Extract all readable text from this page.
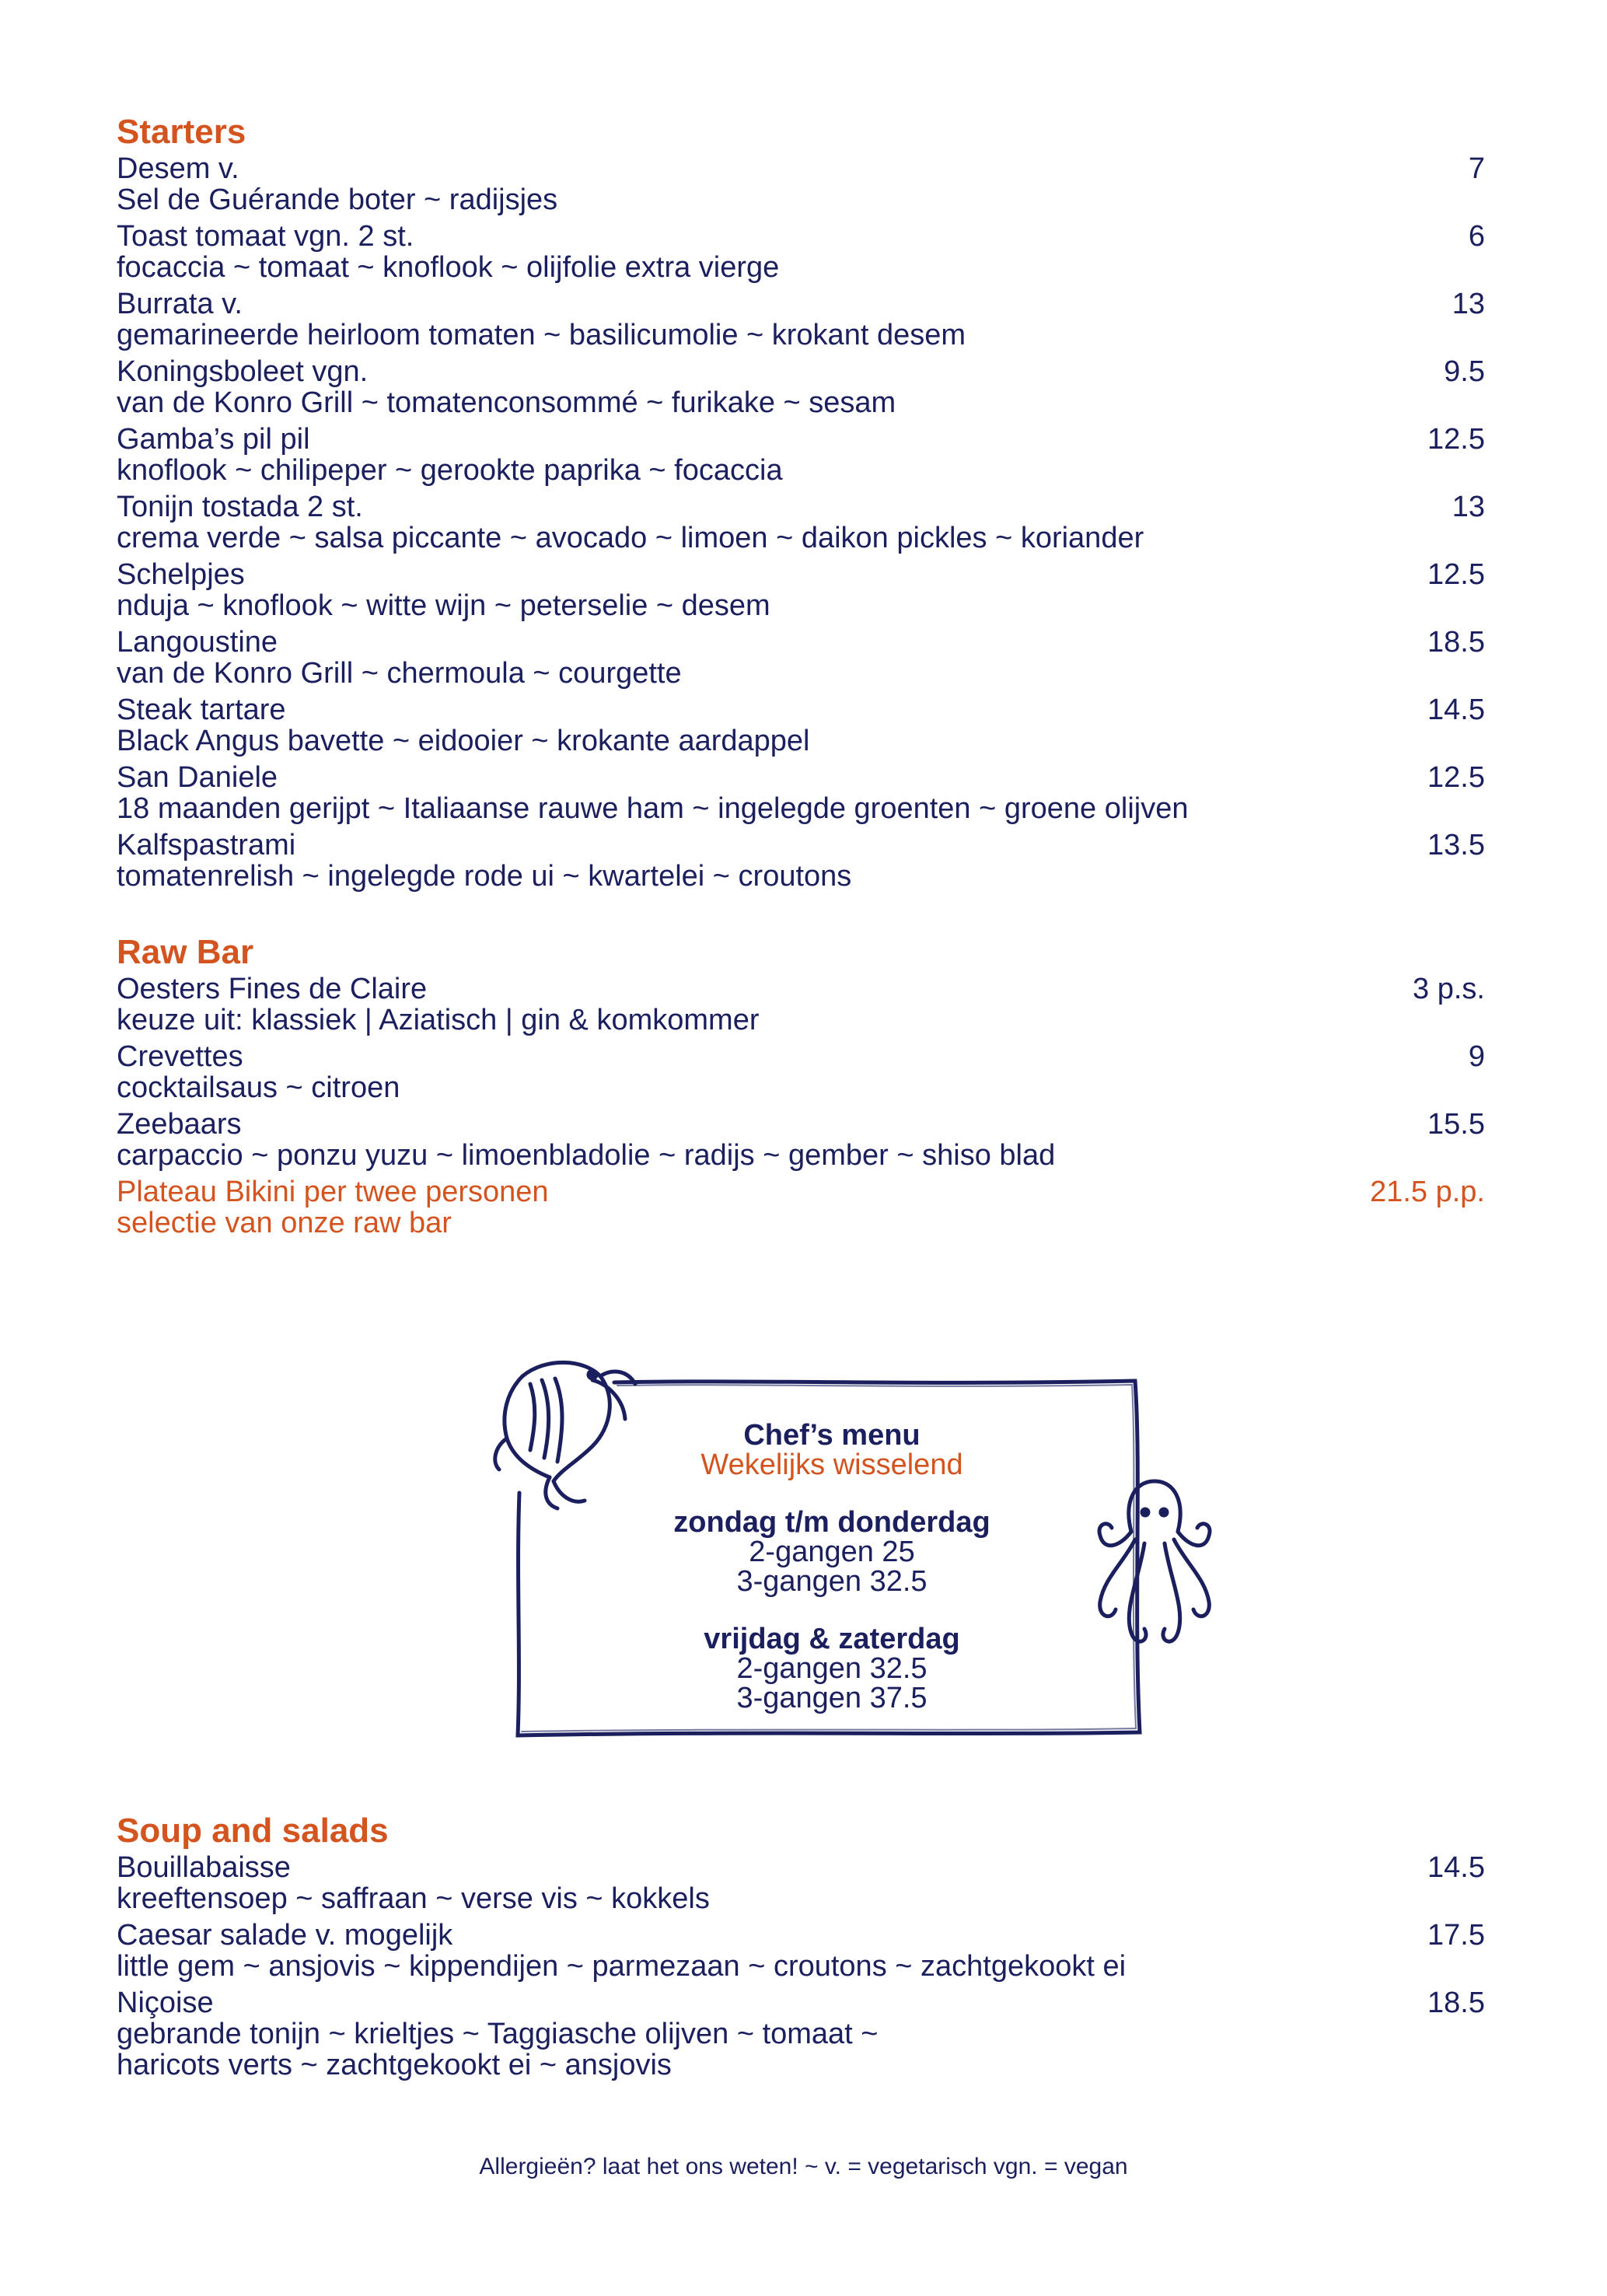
Starters
Desem v.
Sel de Guérande boter ~ radijsjes
7
Toast tomaat vgn. 2 st.
focaccia ~ tomaat ~ knoflook ~ olijfolie extra vierge
6
Burrata v.
gemarineerde heirloom tomaten ~ basilicumolie ~ krokant desem
13
Koningsboleet vgn.
van de Konro Grill ~ tomatenconsommé ~ furikake ~ sesam
9.5
Gamba’s pil pil
knoflook ~ chilipeper ~ gerookte paprika ~ focaccia
12.5
Tonijn tostada 2 st.
crema verde ~ salsa piccante ~ avocado ~ limoen ~ daikon pickles ~ koriander
13
Schelpjes
nduja ~ knoflook ~ witte wijn ~ peterselie ~ desem
12.5
Langoustine
van de Konro Grill ~ chermoula ~ courgette
18.5
Steak tartare
Black Angus bavette ~ eidooier ~ krokante aardappel
14.5
San Daniele
18 maanden gerijpt ~ Italiaanse rauwe ham ~ ingelegde groenten ~ groene olijven
12.5
Kalfspastrami
tomatenrelish ~ ingelegde rode ui ~ kwartelei ~ croutons
13.5
Raw Bar
Oesters Fines de Claire
keuze uit: klassiek | Aziatisch | gin & komkommer
3 p.s.
Crevettes
cocktailsaus ~ citroen
9
Zeebaars
carpaccio ~ ponzu yuzu ~ limoenbladolie ~ radijs ~ gember ~ shiso blad
15.5
Plateau Bikini per twee personen
selectie van onze raw bar
21.5 p.p.
Chef’s menu
Wekelijks wisselend
zondag t/m donderdag
2-gangen 25
3-gangen 32.5
vrijdag & zaterdag
2-gangen 32.5
3-gangen 37.5
Soup and salads
Bouillabaisse
kreeftensoep ~ saffraan ~ verse vis ~ kokkels
14.5
Caesar salade v. mogelijk
little gem ~ ansjovis ~ kippendijen ~ parmezaan ~ croutons ~ zachtgekookt ei
17.5
Niçoise
gebrande tonijn ~ krieltjes ~ Taggiasche olijven ~ tomaat ~
haricots verts ~ zachtgekookt ei ~ ansjovis
18.5
Allergieën? laat het ons weten! ~ v. = vegetarisch vgn. = vegan
